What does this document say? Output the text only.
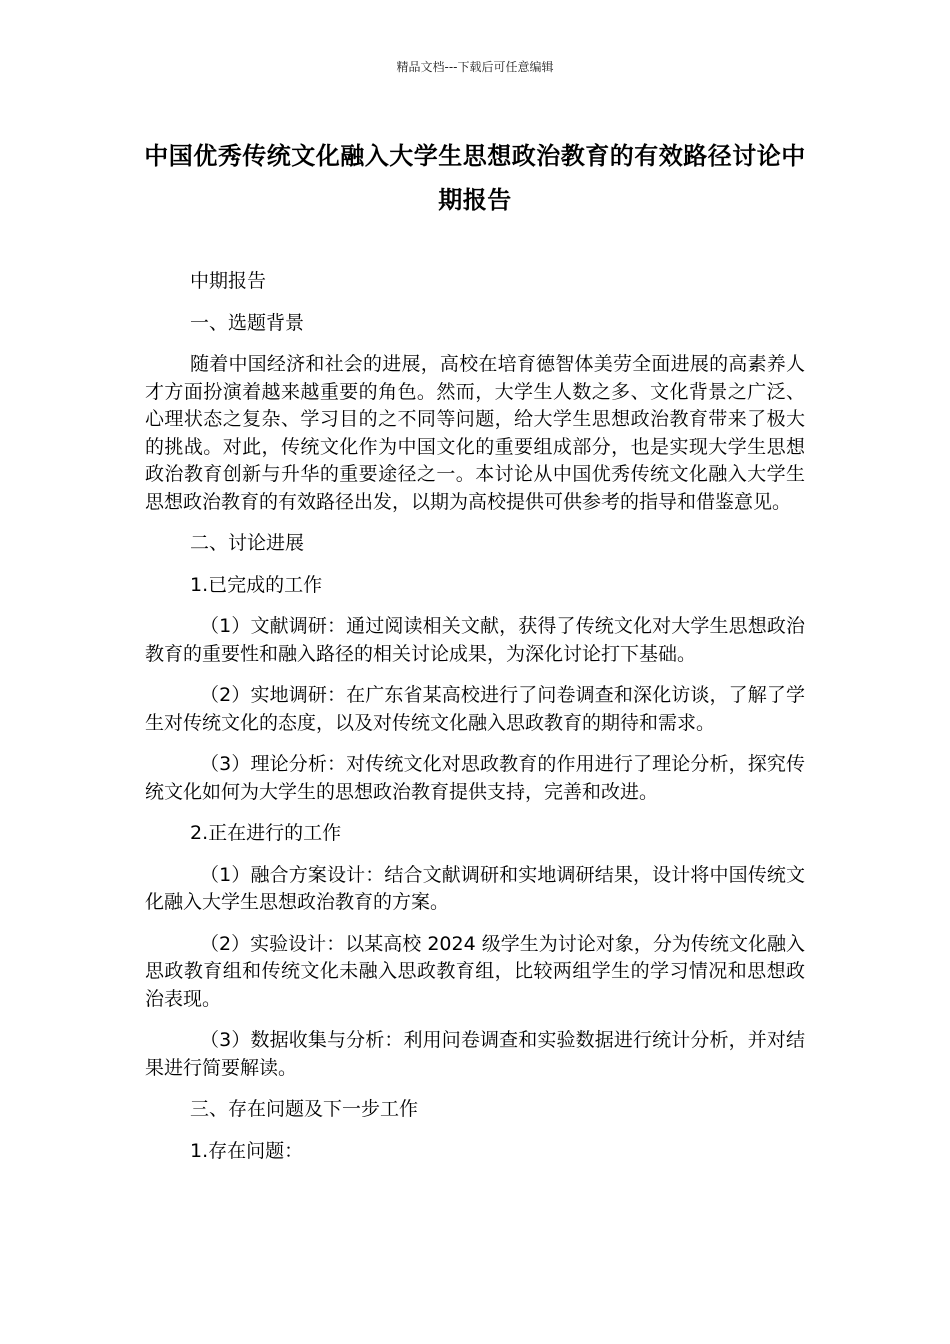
精品文档---下载后可任意编辑
中国优秀传统文化融入大学生思想政治教育的有效路径讨论中期报告

中期报告

一、选题背景

随着中国经济和社会的进展，高校在培育德智体美劳全面进展的高素养人才方面扮演着越来越重要的角色。然而，大学生人数之多、文化背景之广泛、心理状态之复杂、学习目的之不同等问题，给大学生思想政治教育带来了极大的挑战。对此，传统文化作为中国文化的重要组成部分，也是实现大学生思想政治教育创新与升华的重要途径之一。本讨论从中国优秀传统文化融入大学生思想政治教育的有效路径出发，以期为高校提供可供参考的指导和借鉴意见。

二、讨论进展

1.已完成的工作

（1）文献调研：通过阅读相关文献，获得了传统文化对大学生思想政治教育的重要性和融入路径的相关讨论成果，为深化讨论打下基础。

（2）实地调研：在广东省某高校进行了问卷调查和深化访谈，了解了学生对传统文化的态度，以及对传统文化融入思政教育的期待和需求。

（3）理论分析：对传统文化对思政教育的作用进行了理论分析，探究传统文化如何为大学生的思想政治教育提供支持，完善和改进。

2.正在进行的工作

（1）融合方案设计：结合文献调研和实地调研结果，设计将中国传统文化融入大学生思想政治教育的方案。

（2）实验设计：以某高校 2024 级学生为讨论对象，分为传统文化融入思政教育组和传统文化未融入思政教育组，比较两组学生的学习情况和思想政治表现。

（3）数据收集与分析：利用问卷调查和实验数据进行统计分析，并对结果进行简要解读。

三、存在问题及下一步工作

1.存在问题：
